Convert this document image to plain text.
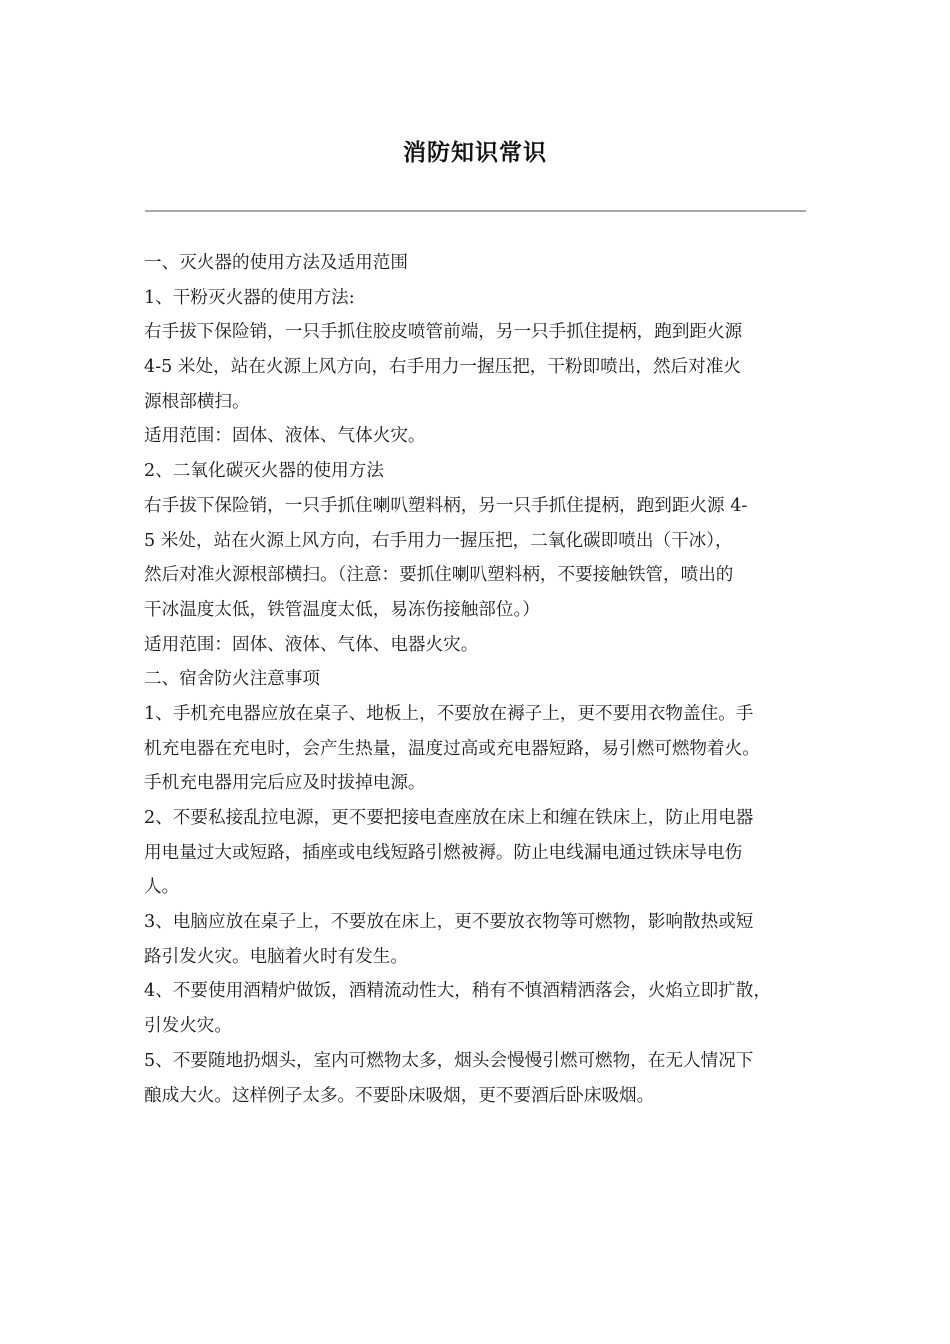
消防知识常识
一、灭火器的使用方法及适用范围
1、干粉灭火器的使用方法:
右手拔下保险销，一只手抓住胶皮喷管前端，另一只手抓住提柄，跑到距火源
4-5 米处，站在火源上风方向，右手用力一握压把，干粉即喷出，然后对准火
源根部横扫。
适用范围：固体、液体、气体火灾。
2、二氧化碳灭火器的使用方法
右手拔下保险销，一只手抓住喇叭塑料柄，另一只手抓住提柄，跑到距火源 4-
5 米处，站在火源上风方向，右手用力一握压把，二氧化碳即喷出（干冰），
然后对准火源根部横扫。（注意：要抓住喇叭塑料柄，不要接触铁管，喷出的
干冰温度太低，铁管温度太低，易冻伤接触部位。）
适用范围：固体、液体、气体、电器火灾。
二、宿舍防火注意事项
1、手机充电器应放在桌子、地板上，不要放在褥子上，更不要用衣物盖住。手
机充电器在充电时，会产生热量，温度过高或充电器短路，易引燃可燃物着火。
手机充电器用完后应及时拔掉电源。
2、不要私接乱拉电源，更不要把接电查座放在床上和缠在铁床上，防止用电器
用电量过大或短路，插座或电线短路引燃被褥。防止电线漏电通过铁床导电伤
人。
3、电脑应放在桌子上，不要放在床上，更不要放衣物等可燃物，影响散热或短
路引发火灾。电脑着火时有发生。
4、不要使用酒精炉做饭，酒精流动性大，稍有不慎酒精洒落会，火焰立即扩散，
引发火灾。
5、不要随地扔烟头，室内可燃物太多，烟头会慢慢引燃可燃物，在无人情况下
酿成大火。这样例子太多。不要卧床吸烟，更不要酒后卧床吸烟。
